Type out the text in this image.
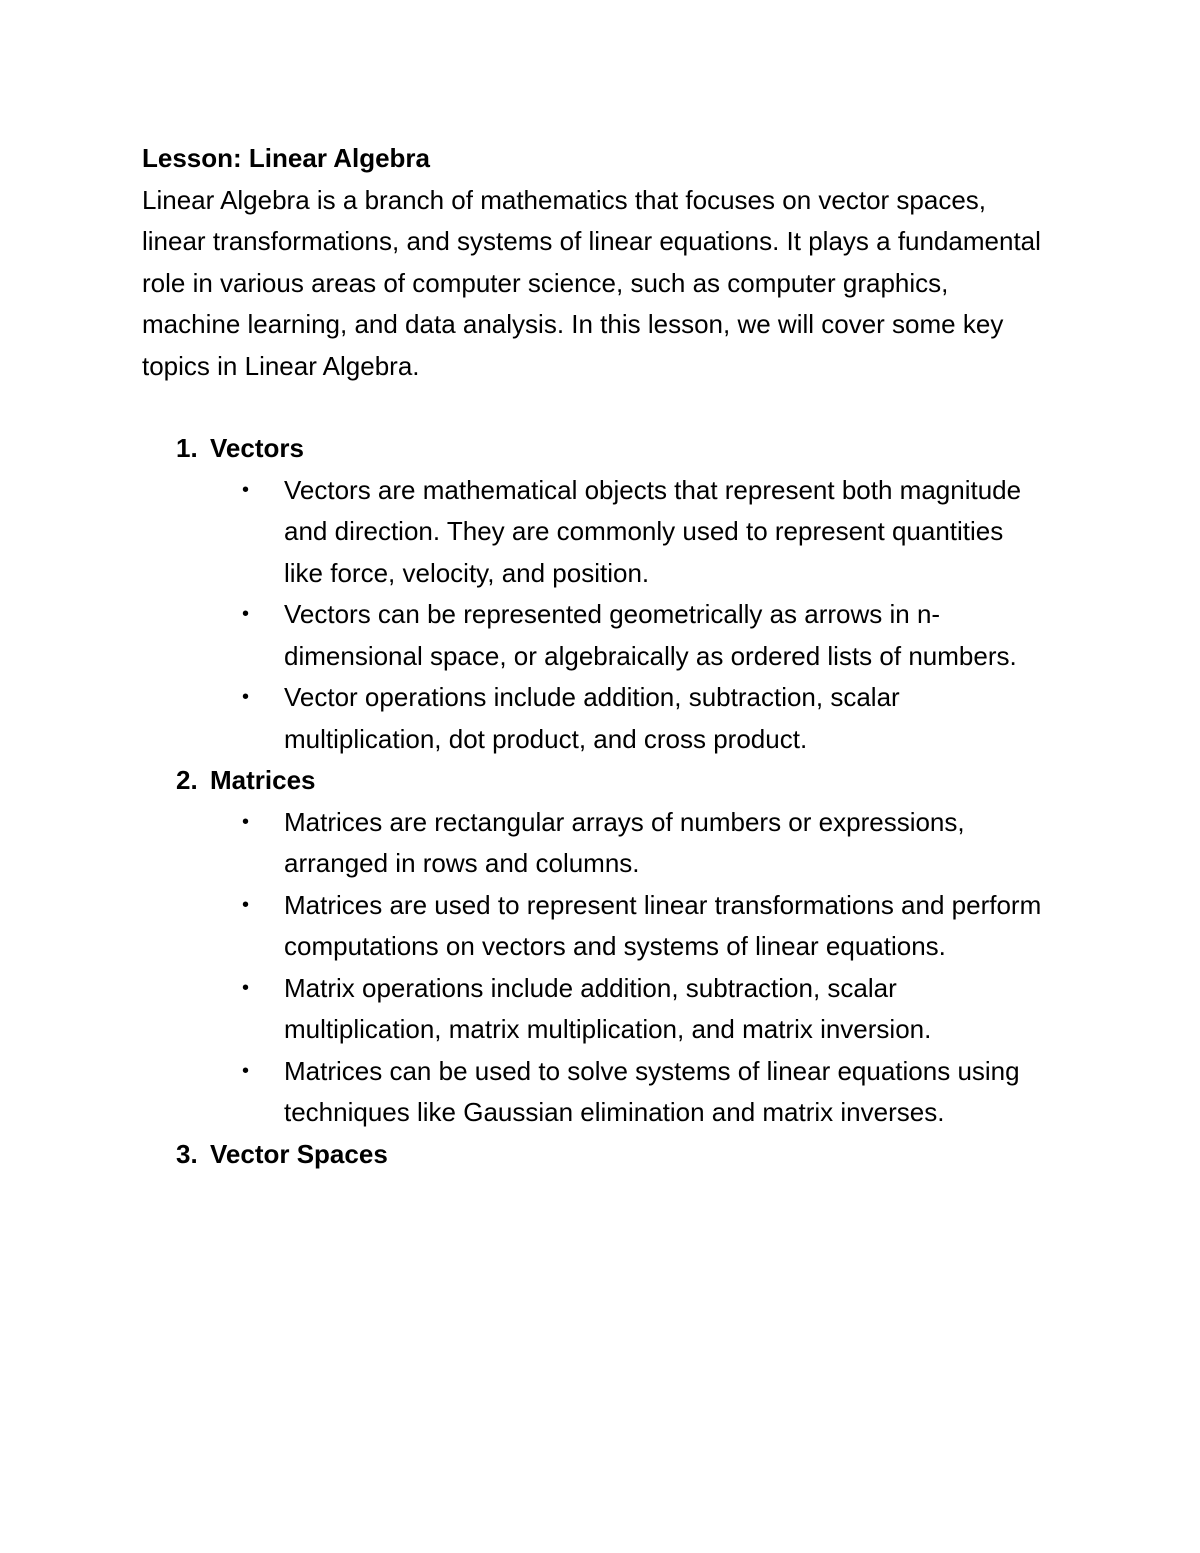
Lesson: Linear Algebra

Linear Algebra is a branch of mathematics that focuses on vector spaces, linear transformations, and systems of linear equations. It plays a fundamental role in various areas of computer science, such as computer graphics, machine learning, and data analysis. In this lesson, we will cover some key topics in Linear Algebra.

1. Vectors
• Vectors are mathematical objects that represent both magnitude and direction. They are commonly used to represent quantities like force, velocity, and position.
• Vectors can be represented geometrically as arrows in n-dimensional space, or algebraically as ordered lists of numbers.
• Vector operations include addition, subtraction, scalar multiplication, dot product, and cross product.
2. Matrices
• Matrices are rectangular arrays of numbers or expressions, arranged in rows and columns.
• Matrices are used to represent linear transformations and perform computations on vectors and systems of linear equations.
• Matrix operations include addition, subtraction, scalar multiplication, matrix multiplication, and matrix inversion.
• Matrices can be used to solve systems of linear equations using techniques like Gaussian elimination and matrix inverses.
3. Vector Spaces
